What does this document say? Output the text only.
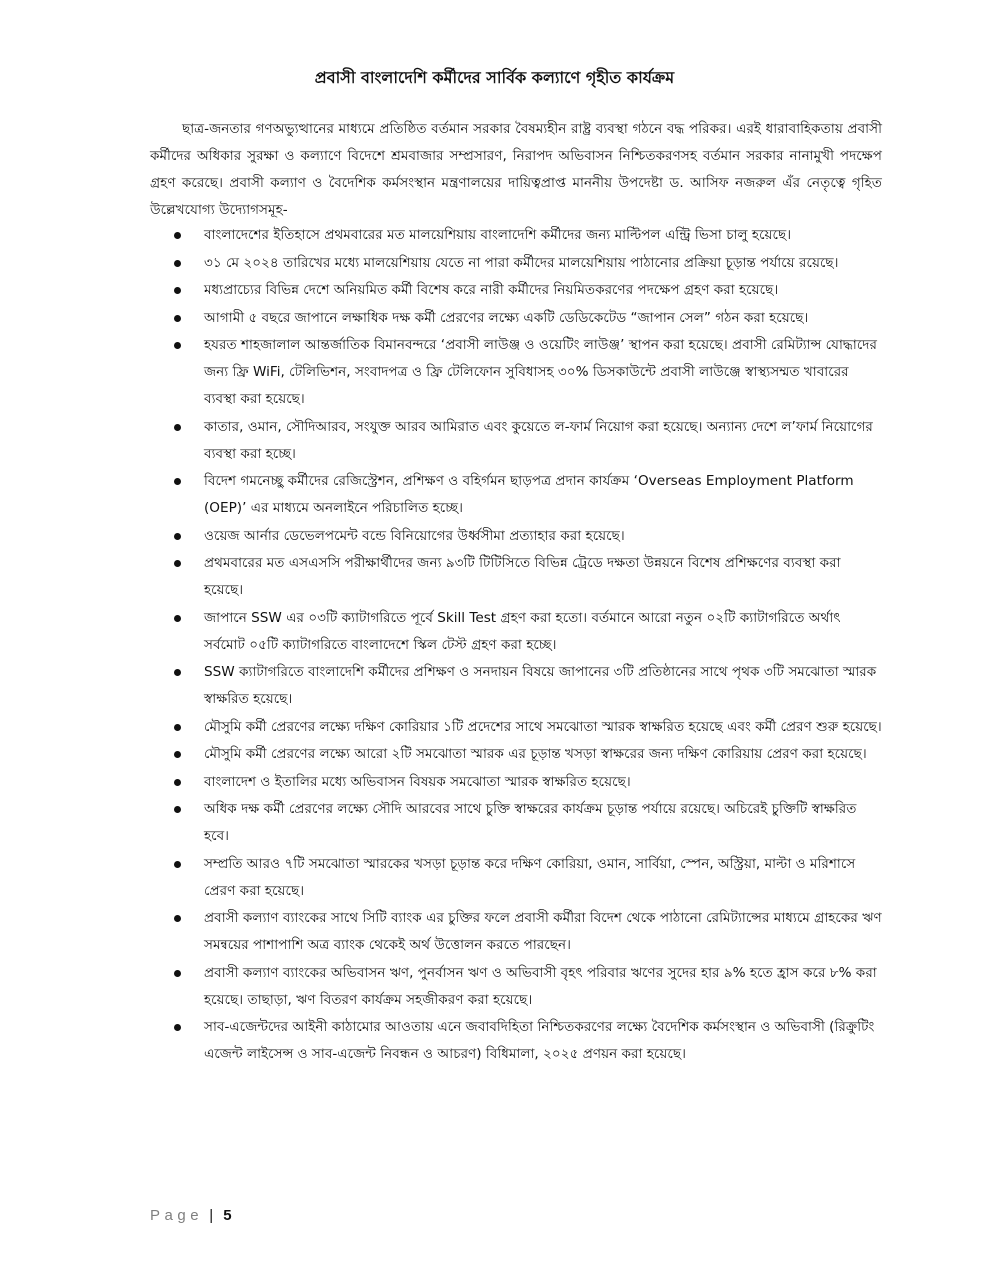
প্রবাসী বাংলাদেশি কর্মীদের সার্বিক কল্যাণে গৃহীত কার্যক্রম

ছাত্র-জনতার গণঅভ্যুত্থানের মাধ্যমে প্রতিষ্ঠিত বর্তমান সরকার বৈষম্যহীন রাষ্ট্র ব্যবস্থা গঠনে বদ্ধ পরিকর। এরই ধারাবাহিকতায় প্রবাসী কর্মীদের অধিকার সুরক্ষা ও কল্যাণে বিদেশে শ্রমবাজার সম্প্রসারণ, নিরাপদ অভিবাসন নিশ্চিতকরণসহ বর্তমান সরকার নানামুখী পদক্ষেপ গ্রহণ করেছে। প্রবাসী কল্যাণ ও বৈদেশিক কর্মসংস্থান মন্ত্রণালয়ের দায়িত্বপ্রাপ্ত মাননীয় উপদেষ্টা ড. আসিফ নজরুল এঁর নেতৃত্বে গৃহিত উল্লেখযোগ্য উদ্যোগসমূহ-

বাংলাদেশের ইতিহাসে প্রথমবারের মত মালয়েশিয়ায় বাংলাদেশি কর্মীদের জন্য মাল্টিপল এন্ট্রি ভিসা চালু হয়েছে।
৩১ মে ২০২৪ তারিখের মধ্যে মালয়েশিয়ায় যেতে না পারা কর্মীদের মালয়েশিয়ায় পাঠানোর প্রক্রিয়া চূড়ান্ত পর্যায়ে রয়েছে।
মধ্যপ্রাচ্যের বিভিন্ন দেশে অনিয়মিত কর্মী বিশেষ করে নারী কর্মীদের নিয়মিতকরণের পদক্ষেপ গ্রহণ করা হয়েছে।
আগামী ৫ বছরে জাপানে লক্ষাধিক দক্ষ কর্মী প্রেরণের লক্ষ্যে একটি ডেডিকেটেড “জাপান সেল” গঠন করা হয়েছে।
হযরত শাহজালাল আন্তর্জাতিক বিমানবন্দরে ‘প্রবাসী লাউঞ্জ ও ওয়েটিং লাউঞ্জ’ স্থাপন করা হয়েছে। প্রবাসী রেমিট্যান্স যোদ্ধাদের জন্য ফ্রি WiFi, টেলিভিশন, সংবাদপত্র ও ফ্রি টেলিফোন সুবিধাসহ ৩০% ডিসকাউন্টে প্রবাসী লাউঞ্জে স্বাস্থ্যসম্মত খাবারের ব্যবস্থা করা হয়েছে।
কাতার, ওমান, সৌদিআরব, সংযুক্ত আরব আমিরাত এবং কুয়েতে ল-ফার্ম নিয়োগ করা হয়েছে। অন্যান্য দেশে ল’ফার্ম নিয়োগের ব্যবস্থা করা হচ্ছে।
বিদেশ গমনেচ্ছু কর্মীদের রেজিস্ট্রেশন, প্রশিক্ষণ ও বহির্গমন ছাড়পত্র প্রদান কার্যক্রম ‘Overseas Employment Platform (OEP)’ এর মাধ্যমে অনলাইনে পরিচালিত হচ্ছে।
ওয়েজ আর্নার ডেভেলপমেন্ট বন্ডে বিনিয়োগের উর্ধ্বসীমা প্রত্যাহার করা হয়েছে।
প্রথমবারের মত এসএসসি পরীক্ষার্থীদের জন্য ৯৩টি টিটিসিতে বিভিন্ন ট্রেডে দক্ষতা উন্নয়নে বিশেষ প্রশিক্ষণের ব্যবস্থা করা হয়েছে।
জাপানে SSW এর ০৩টি ক্যাটাগরিতে পূর্বে Skill Test গ্রহণ করা হতো। বর্তমানে আরো নতুন ০২টি ক্যাটাগরিতে অর্থাৎ সর্বমোট ০৫টি ক্যাটাগরিতে বাংলাদেশে স্কিল টেস্ট গ্রহণ করা হচ্ছে।
SSW ক্যাটাগরিতে বাংলাদেশি কর্মীদের প্রশিক্ষণ ও সনদায়ন বিষয়ে জাপানের ৩টি প্রতিষ্ঠানের সাথে পৃথক ৩টি সমঝোতা স্মারক স্বাক্ষরিত হয়েছে।
মৌসুমি কর্মী প্রেরণের লক্ষ্যে দক্ষিণ কোরিয়ার ১টি প্রদেশের সাথে সমঝোতা স্মারক স্বাক্ষরিত হয়েছে এবং কর্মী প্রেরণ শুরু হয়েছে।
মৌসুমি কর্মী প্রেরণের লক্ষ্যে আরো ২টি সমঝোতা স্মারক এর চূড়ান্ত খসড়া স্বাক্ষরের জন্য দক্ষিণ কোরিয়ায় প্রেরণ করা হয়েছে।
বাংলাদেশ ও ইতালির মধ্যে অভিবাসন বিষয়ক সমঝোতা স্মারক স্বাক্ষরিত হয়েছে।
অধিক দক্ষ কর্মী প্রেরণের লক্ষ্যে সৌদি আরবের সাথে চুক্তি স্বাক্ষরের কার্যক্রম চূড়ান্ত পর্যায়ে রয়েছে। অচিরেই চুক্তিটি স্বাক্ষরিত হবে।
সম্প্রতি আরও ৭টি সমঝোতা স্মারকের খসড়া চূড়ান্ত করে দক্ষিণ কোরিয়া, ওমান, সার্বিয়া, স্পেন, অস্ট্রিয়া, মাল্টা ও মরিশাসে প্রেরণ করা হয়েছে।
প্রবাসী কল্যাণ ব্যাংকের সাথে সিটি ব্যাংক এর চুক্তির ফলে প্রবাসী কর্মীরা বিদেশ থেকে পাঠানো রেমিট্যান্সের মাধ্যমে গ্রাহকের ঋণ সমন্বয়ের পাশাপাশি অত্র ব্যাংক থেকেই অর্থ উত্তোলন করতে পারছেন।
প্রবাসী কল্যাণ ব্যাংকের অভিবাসন ঋণ, পুনর্বাসন ঋণ ও অভিবাসী বৃহৎ পরিবার ঋণের সুদের হার ৯% হতে হ্রাস করে ৮% করা হয়েছে। তাছাড়া, ঋণ বিতরণ কার্যক্রম সহজীকরণ করা হয়েছে।
সাব-এজেন্টদের আইনী কাঠামোর আওতায় এনে জবাবদিহিতা নিশ্চিতকরণের লক্ষ্যে বৈদেশিক কর্মসংস্থান ও অভিবাসী (রিক্রুটিং এজেন্ট লাইসেন্স ও সাব-এজেন্ট নিবন্ধন ও আচরণ) বিধিমালা, ২০২৫ প্রণয়ন করা হয়েছে।
Page | 5
